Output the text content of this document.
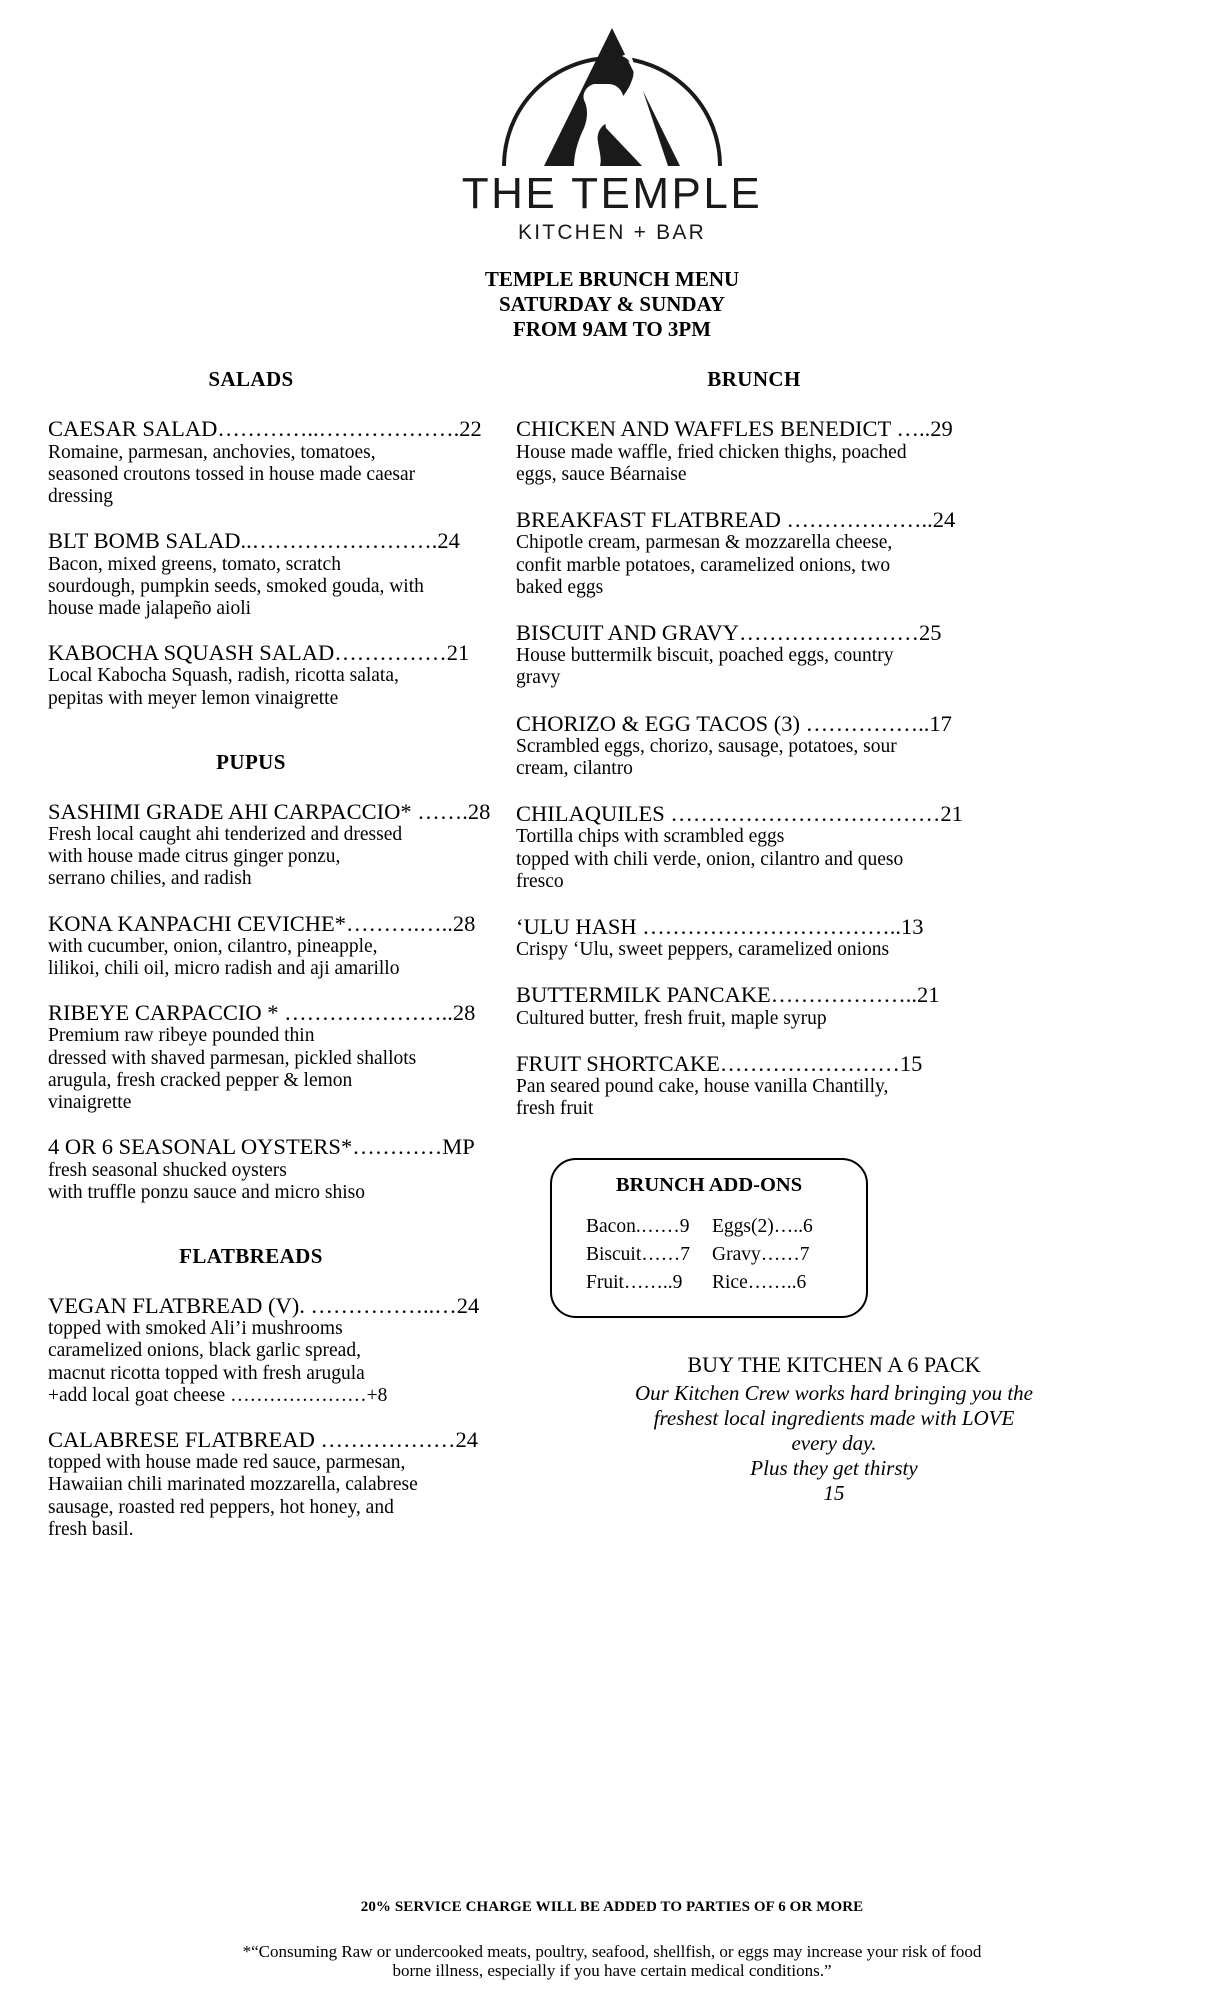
THE TEMPLE
KITCHEN + BAR
TEMPLE BRUNCH MENU
SATURDAY & SUNDAY
FROM 9AM TO 3PM
SALADS
CAESAR SALAD…………..……………….22
Romaine, parmesan, anchovies, tomatoes,
seasoned croutons tossed in house made caesar
dressing
BLT BOMB SALAD..…………………….24
Bacon, mixed greens, tomato, scratch
sourdough, pumpkin seeds, smoked gouda, with
house made jalapeño aioli
KABOCHA SQUASH SALAD……………21
Local Kabocha Squash, radish, ricotta salata,
pepitas with meyer lemon vinaigrette
PUPUS
SASHIMI GRADE AHI CARPACCIO* …….28
Fresh local caught ahi tenderized and dressed
with house made citrus ginger ponzu,
serrano chilies, and radish
KONA KANPACHI CEVICHE*……….…..28
with cucumber, onion, cilantro, pineapple,
lilikoi, chili oil, micro radish and aji amarillo
RIBEYE CARPACCIO * …………………..28
Premium raw ribeye pounded thin
dressed with shaved parmesan, pickled shallots
arugula, fresh cracked pepper & lemon
vinaigrette
4 OR 6 SEASONAL OYSTERS*…………MP
fresh seasonal shucked oysters
with truffle ponzu sauce and micro shiso
FLATBREADS
VEGAN FLATBREAD (V). ……………..…24
topped with smoked Ali’i mushrooms
caramelized onions, black garlic spread,
macnut ricotta topped with fresh arugula
+add local goat cheese …………………+8
CALABRESE FLATBREAD ………………24
topped with house made red sauce, parmesan,
Hawaiian chili marinated mozzarella, calabrese
sausage, roasted red peppers, hot honey, and
fresh basil.
BRUNCH
CHICKEN AND WAFFLES BENEDICT …..29
House made waffle, fried chicken thighs, poached
eggs, sauce Béarnaise
BREAKFAST FLATBREAD ………………..24
Chipotle cream, parmesan & mozzarella cheese,
confit marble potatoes, caramelized onions, two
baked eggs
BISCUIT AND GRAVY……………………25
House buttermilk biscuit, poached eggs, country
gravy
CHORIZO & EGG TACOS (3) ……………..17
Scrambled eggs, chorizo, sausage, potatoes, sour
cream, cilantro
CHILAQUILES ………………………………21
Tortilla chips with scrambled eggs
topped with chili verde, onion, cilantro and queso
fresco
‘ULU HASH ……………………………..13
Crispy ‘Ulu, sweet peppers, caramelized onions
BUTTERMILK PANCAKE………………..21
Cultured butter, fresh fruit, maple syrup
FRUIT SHORTCAKE……………………15
Pan seared pound cake, house vanilla Chantilly,
fresh fruit
BRUNCH ADD-ONS
Bacon.……9	Eggs(2)…..6
Biscuit……7	Gravy……7
Fruit……..9	Rice……..6
BUY THE KITCHEN A 6 PACK
Our Kitchen Crew works hard bringing you the
freshest local ingredients made with LOVE
every day.
Plus they get thirsty
15
20% SERVICE CHARGE WILL BE ADDED TO PARTIES OF 6 OR MORE
*“Consuming Raw or undercooked meats, poultry, seafood, shellfish, or eggs may increase your risk of food
borne illness, especially if you have certain medical conditions.”
